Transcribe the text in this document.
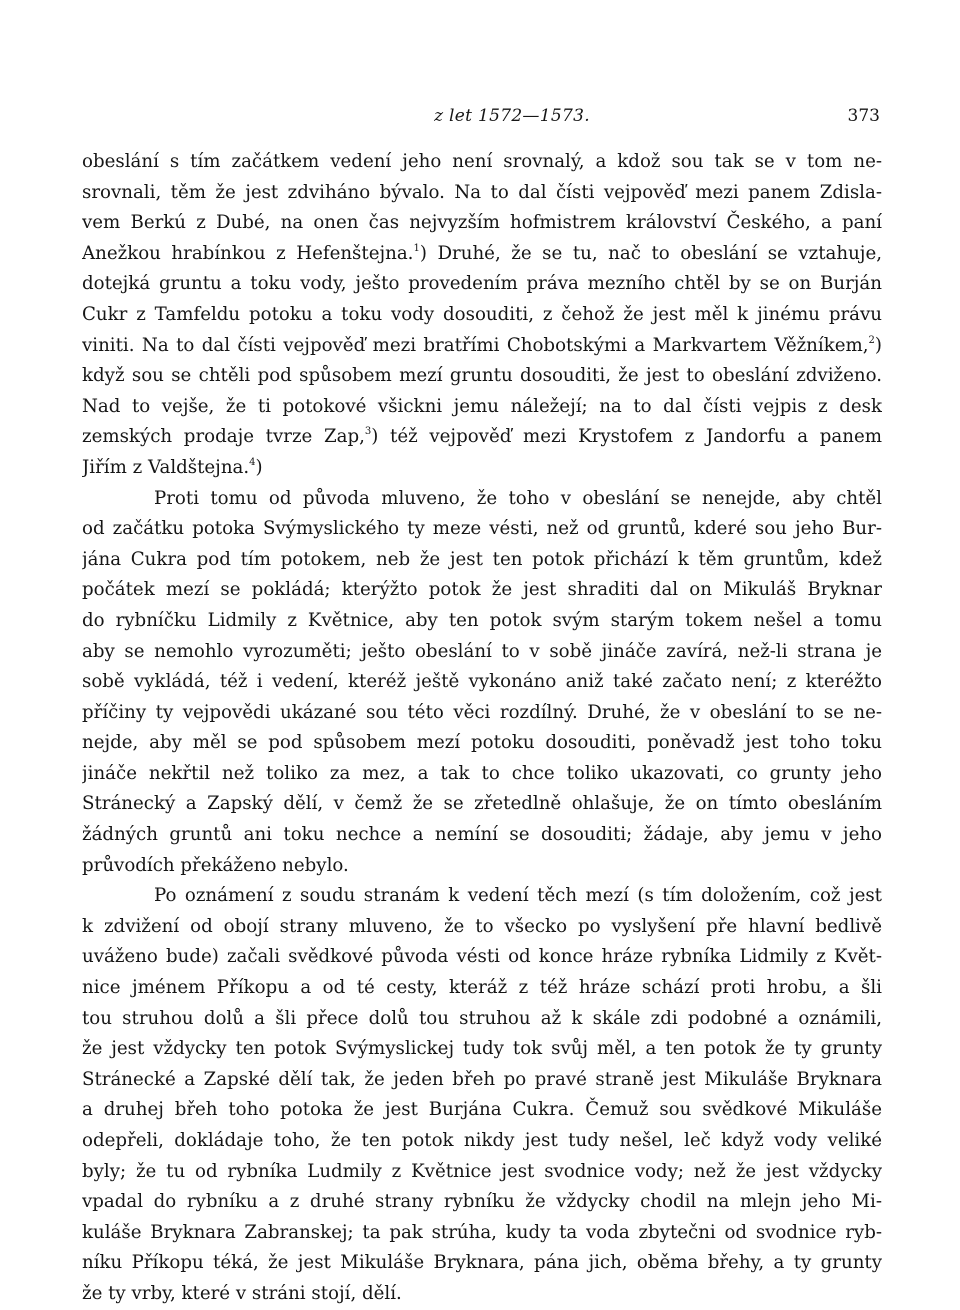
z let 1572—1573.	373
obeslání s tím začátkem vedení jeho není srovnalý, a kdož sou tak se v tom ne-
srovnali, těm že jest zdviháno bývalo. Na to dal čísti vejpověď mezi panem Zdisla-
vem Berkú z Dubé, na onen čas nejvyzším hofmistrem království Českého, a paní
Anežkou hrabínkou z Hefenštejna.$^1$) Druhé, že se tu, nač to obeslání se vztahuje,
dotejká gruntu a toku vody, ješto provedením práva mezního chtěl by se on Burján
Cukr z Tamfeldu potoku a toku vody dosouditi, z čehož že jest měl k jinému právu
viniti. Na to dal čísti vejpověď mezi bratřími Chobotskými a Markvartem Věžníkem,$^2$)
když sou se chtěli pod spůsobem mezí gruntu dosouditi, že jest to obeslání zdviženo.
Nad to vejše, že ti potokové všickni jemu náležejí; na to dal čísti vejpis z desk
zemských prodaje tvrze Zap,$^3$) též vejpověď mezi Krystofem z Jandorfu a panem
Jiřím z Valdštejna.$^4$)
Proti tomu od původa mluveno, že toho v obeslání se nenejde, aby chtěl
od začátku potoka Svýmyslického ty meze vésti, než od gruntů, kderé sou jeho Bur-
jána Cukra pod tím potokem, neb že jest ten potok přichází k těm gruntům, kdež
počátek mezí se pokládá; kterýžto potok že jest shraditi dal on Mikuláš Bryknar
do rybníčku Lidmily z Květnice, aby ten potok svým starým tokem nešel a tomu
aby se nemohlo vyrozuměti; ješto obeslání to v sobě jináče zavírá, než-li strana je
sobě vykládá, též i vedení, kteréž ještě vykonáno aniž také začato není; z kteréžto
příčiny ty vejpovědi ukázané sou této věci rozdílný. Druhé, že v obeslání to se ne-
nejde, aby měl se pod spůsobem mezí potoku dosouditi, poněvadž jest toho toku
jináče nekřtil než toliko za mez, a tak to chce toliko ukazovati, co grunty jeho
Stránecký a Zapský dělí, v čemž že se zřetedlně ohlašuje, že on tímto obesláním
žádných gruntů ani toku nechce a nemíní se dosouditi; žádaje, aby jemu v jeho
průvodích překáženo nebylo.
Po oznámení z soudu stranám k vedení těch mezí (s tím doložením, což jest
k zdvižení od obojí strany mluveno, že to všecko po vyslyšení pře hlavní bedlivě
uváženo bude) začali svědkové původa vésti od konce hráze rybníka Lidmily z Květ-
nice jménem Příkopu a od té cesty, kteráž z též hráze schází proti hrobu, a šli
tou struhou dolů a šli přece dolů tou struhou až k skále zdi podobné a oznámili,
že jest vždycky ten potok Svýmyslickej tudy tok svůj měl, a ten potok že ty grunty
Stránecké a Zapské dělí tak, že jeden břeh po pravé straně jest Mikuláše Bryknara
a druhej břeh toho potoka že jest Burjána Cukra. Čemuž sou svědkové Mikuláše
odepřeli, dokládaje toho, že ten potok nikdy jest tudy nešel, leč když vody veliké
byly; že tu od rybníka Ludmily z Květnice jest svodnice vody; než že jest vždycky
vpadal do rybníku a z druhé strany rybníku že vždycky chodil na mlejn jeho Mi-
kuláše Bryknara Zabranskej; ta pak strúha, kudy ta voda zbytečni od svodnice ryb-
níku Příkopu téká, že jest Mikuláše Bryknara, pána jich, oběma břehy, a ty grunty
že ty vrby, které v stráni stojí, dělí.
